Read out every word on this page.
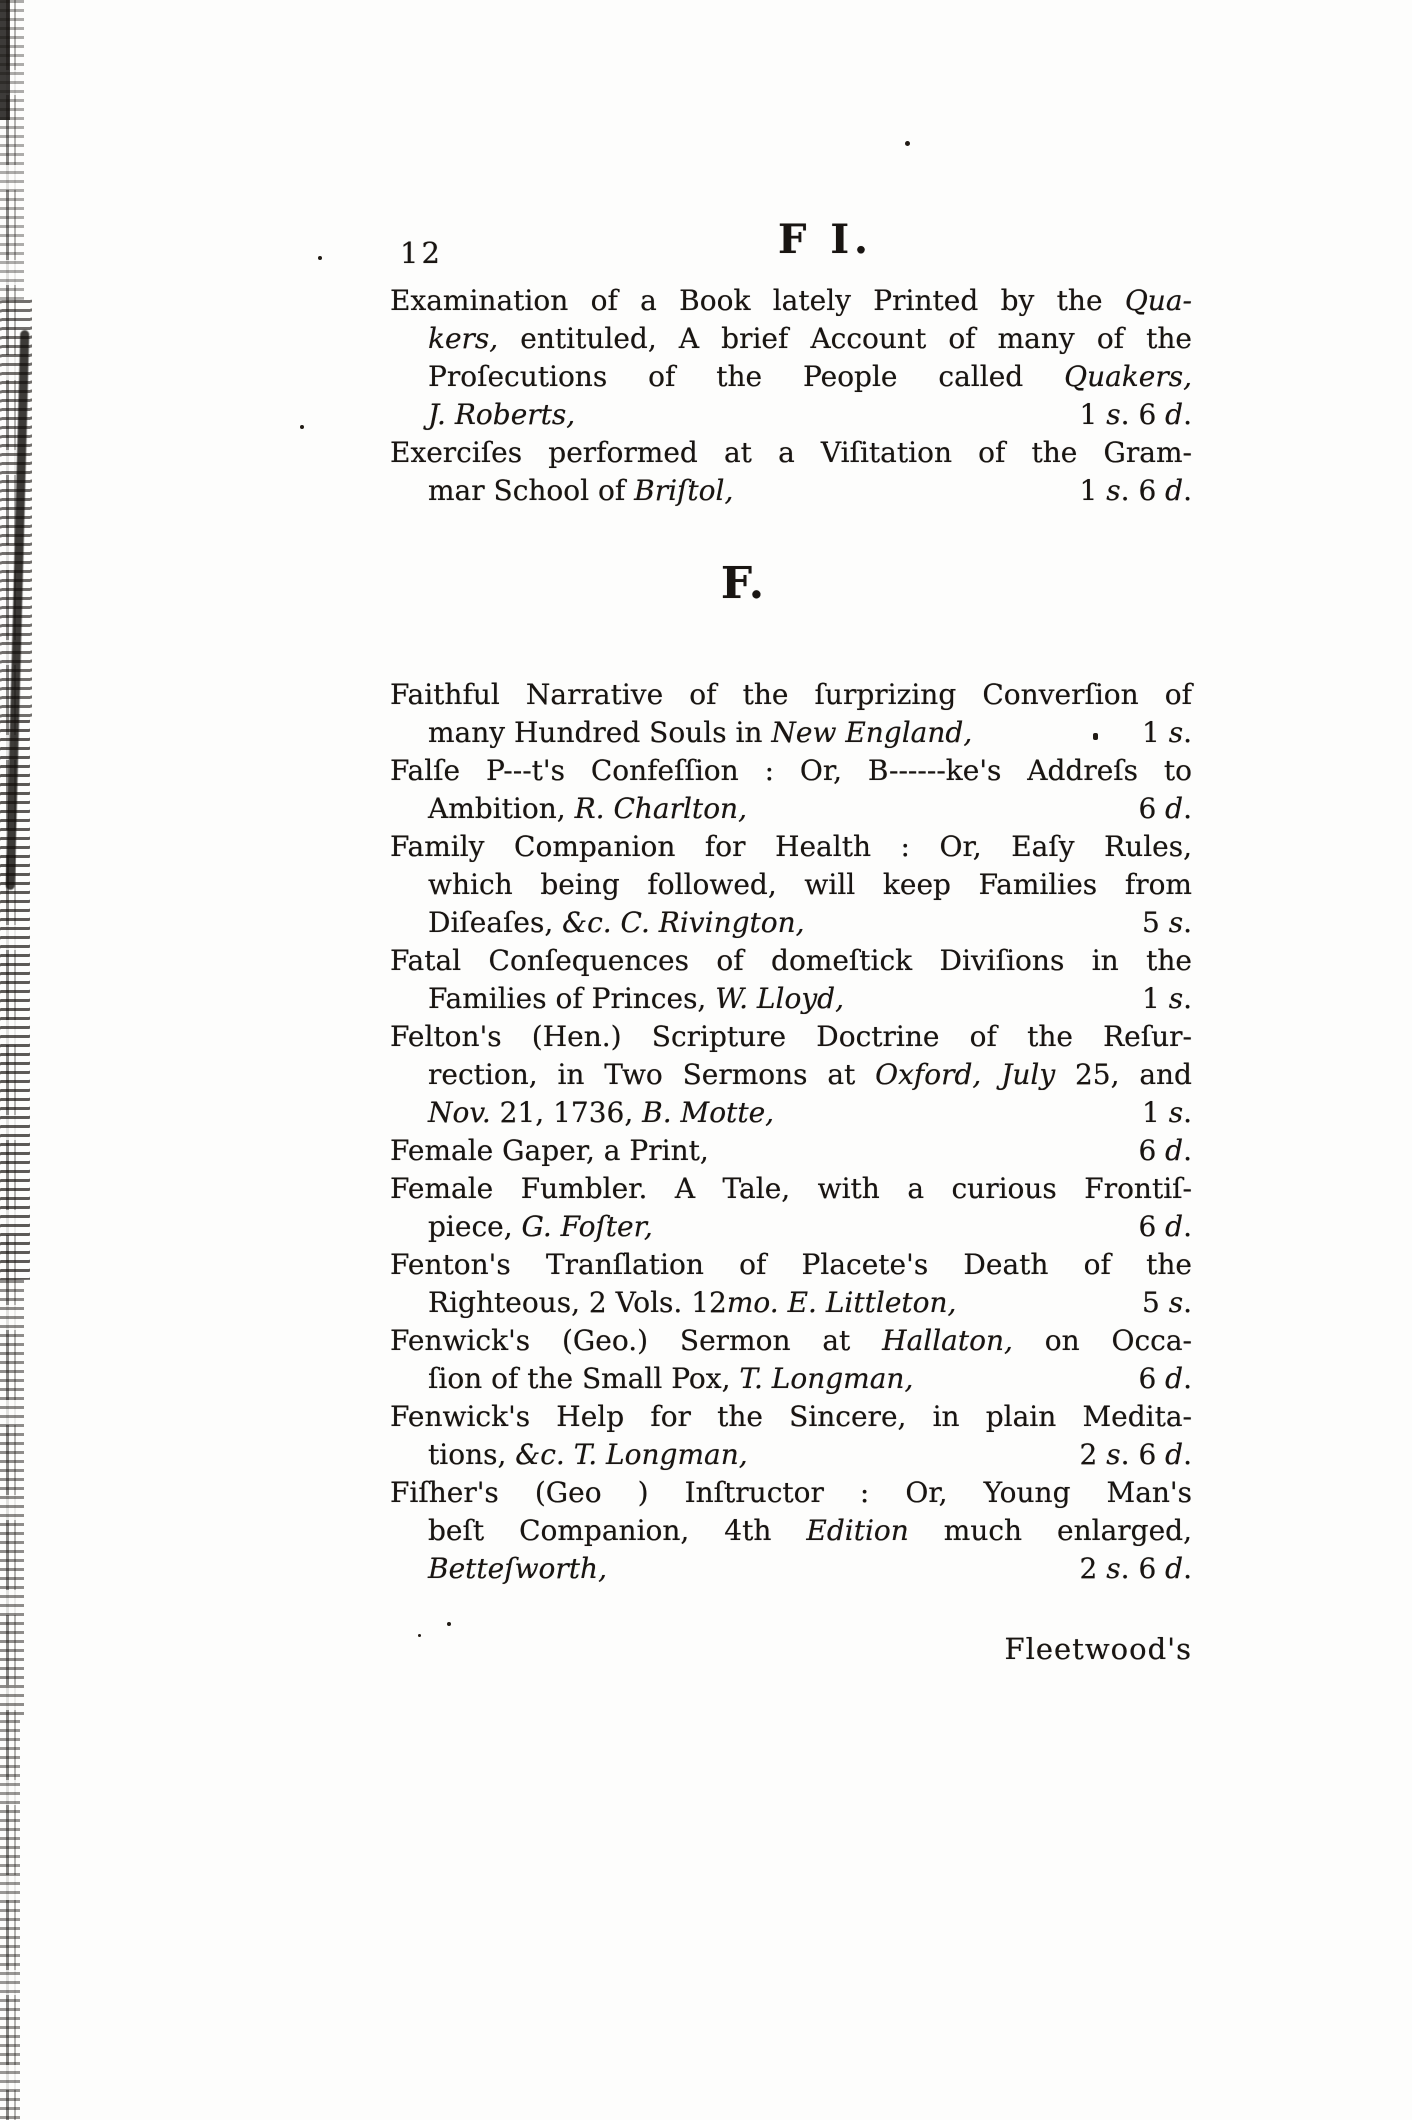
12	F I.
Examination of a Book lately Printed by the Qua-
kers, entituled, A brief Account of many of the
Proſecutions of the People called Quakers,
J. Roberts,	1 s. 6 d.
Exerciſes performed at a Viſitation of the Gram-
mar School of Briſtol,	1 s. 6 d.
F.
Faithful Narrative of the ſurprizing Converſion of
many Hundred Souls in New England,	1 s.
Falſe P---t's Confeſſion : Or, B------ke's Addreſs to
Ambition, R. Charlton,	6 d.
Family Companion for Health : Or, Eaſy Rules,
which being followed, will keep Families from
Diſeaſes, &c. C. Rivington,	5 s.
Fatal Conſequences of domeſtick Diviſions in the
Families of Princes, W. Lloyd,	1 s.
Felton's (Hen.) Scripture Doctrine of the Reſur-
rection, in Two Sermons at Oxford, July 25, and
Nov. 21, 1736, B. Motte,	1 s.
Female Gaper, a Print,	6 d.
Female Fumbler. A Tale, with a curious Frontiſ-
piece, G. Foſter,	6 d.
Fenton's Tranſlation of Placete's Death of the
Righteous, 2 Vols. 12mo. E. Littleton,	5 s.
Fenwick's (Geo.) Sermon at Hallaton, on Occa-
ſion of the Small Pox, T. Longman,	6 d.
Fenwick's Help for the Sincere, in plain Medita-
tions, &c. T. Longman,	2 s. 6 d.
Fiſher's (Geo ) Inſtructor : Or, Young Man's
beſt Companion, 4th Edition much enlarged,
Betteſworth,	2 s. 6 d.
Fleetwood's
